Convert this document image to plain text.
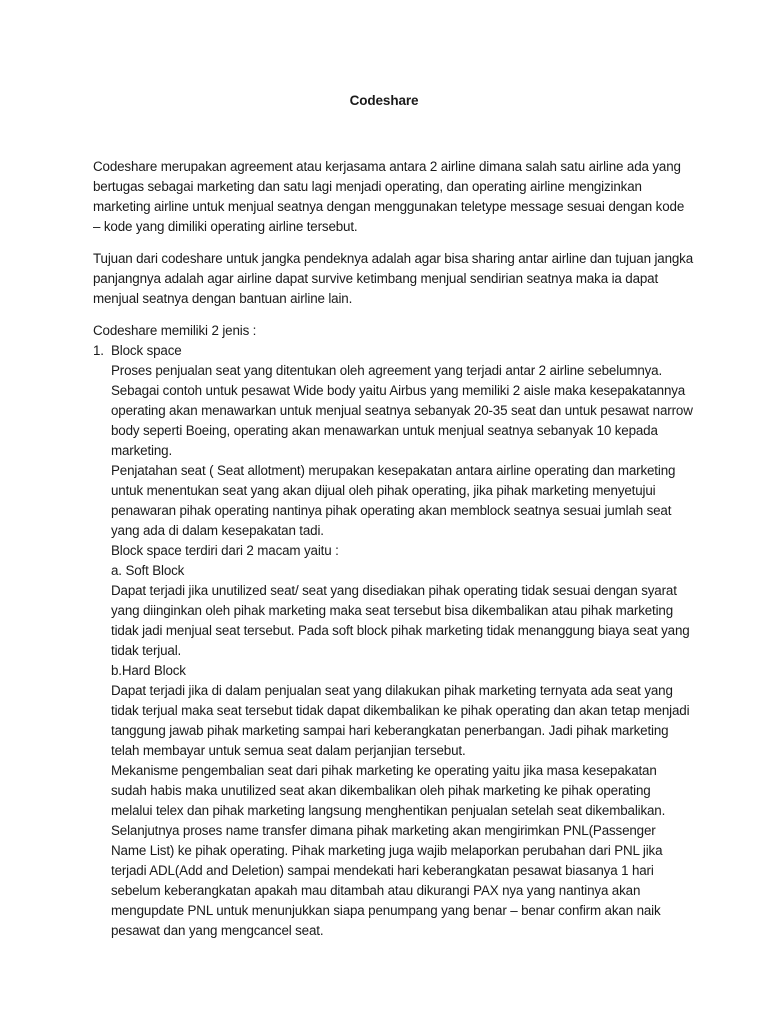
Codeshare

Codeshare merupakan agreement atau kerjasama antara 2 airline dimana salah satu airline ada yang bertugas sebagai marketing dan satu lagi menjadi operating, dan operating airline mengizinkan marketing airline untuk menjual seatnya dengan menggunakan teletype message sesuai dengan kode – kode yang dimiliki operating airline tersebut.

Tujuan dari codeshare untuk jangka pendeknya adalah agar bisa sharing antar airline dan tujuan jangka panjangnya adalah agar airline dapat survive ketimbang menjual sendirian seatnya maka ia dapat menjual seatnya dengan bantuan airline lain.

Codeshare memiliki 2 jenis :

1. Block space

Proses penjualan seat yang ditentukan oleh agreement yang terjadi antar 2 airline sebelumnya. Sebagai contoh untuk pesawat Wide body yaitu Airbus yang memiliki 2 aisle maka kesepakatannya operating akan menawarkan untuk menjual seatnya sebanyak 20-35 seat dan untuk pesawat narrow body seperti Boeing, operating akan menawarkan untuk menjual seatnya sebanyak 10 kepada marketing.

Penjatahan seat ( Seat allotment) merupakan kesepakatan antara airline operating dan marketing untuk menentukan seat yang akan dijual oleh pihak operating, jika pihak marketing menyetujui penawaran pihak operating nantinya pihak operating akan memblock seatnya sesuai jumlah seat yang ada di dalam kesepakatan tadi.

Block space terdiri dari 2 macam yaitu :

a. Soft Block

Dapat terjadi jika unutilized seat/ seat yang disediakan pihak operating tidak sesuai dengan syarat yang diinginkan oleh pihak marketing maka seat tersebut bisa dikembalikan atau pihak marketing tidak jadi menjual seat tersebut. Pada soft block pihak marketing tidak menanggung biaya seat yang tidak terjual.

b.Hard Block

Dapat terjadi jika di dalam penjualan seat yang dilakukan pihak marketing ternyata ada seat yang tidak terjual maka seat tersebut tidak dapat dikembalikan ke pihak operating dan akan tetap menjadi tanggung jawab pihak marketing sampai hari keberangkatan penerbangan. Jadi pihak marketing telah membayar untuk semua seat dalam perjanjian tersebut.

Mekanisme pengembalian seat dari pihak marketing ke operating yaitu jika masa kesepakatan sudah habis maka unutilized seat akan dikembalikan oleh pihak marketing ke pihak operating melalui telex dan pihak marketing langsung menghentikan penjualan setelah seat dikembalikan.

Selanjutnya proses name transfer dimana pihak marketing akan mengirimkan PNL(Passenger Name List) ke pihak operating. Pihak marketing juga wajib melaporkan perubahan dari PNL jika terjadi ADL(Add and Deletion) sampai mendekati hari keberangkatan pesawat biasanya 1 hari sebelum keberangkatan apakah mau ditambah atau dikurangi PAX nya yang nantinya akan mengupdate PNL untuk menunjukkan siapa penumpang yang benar – benar confirm akan naik pesawat dan yang mengcancel seat.
